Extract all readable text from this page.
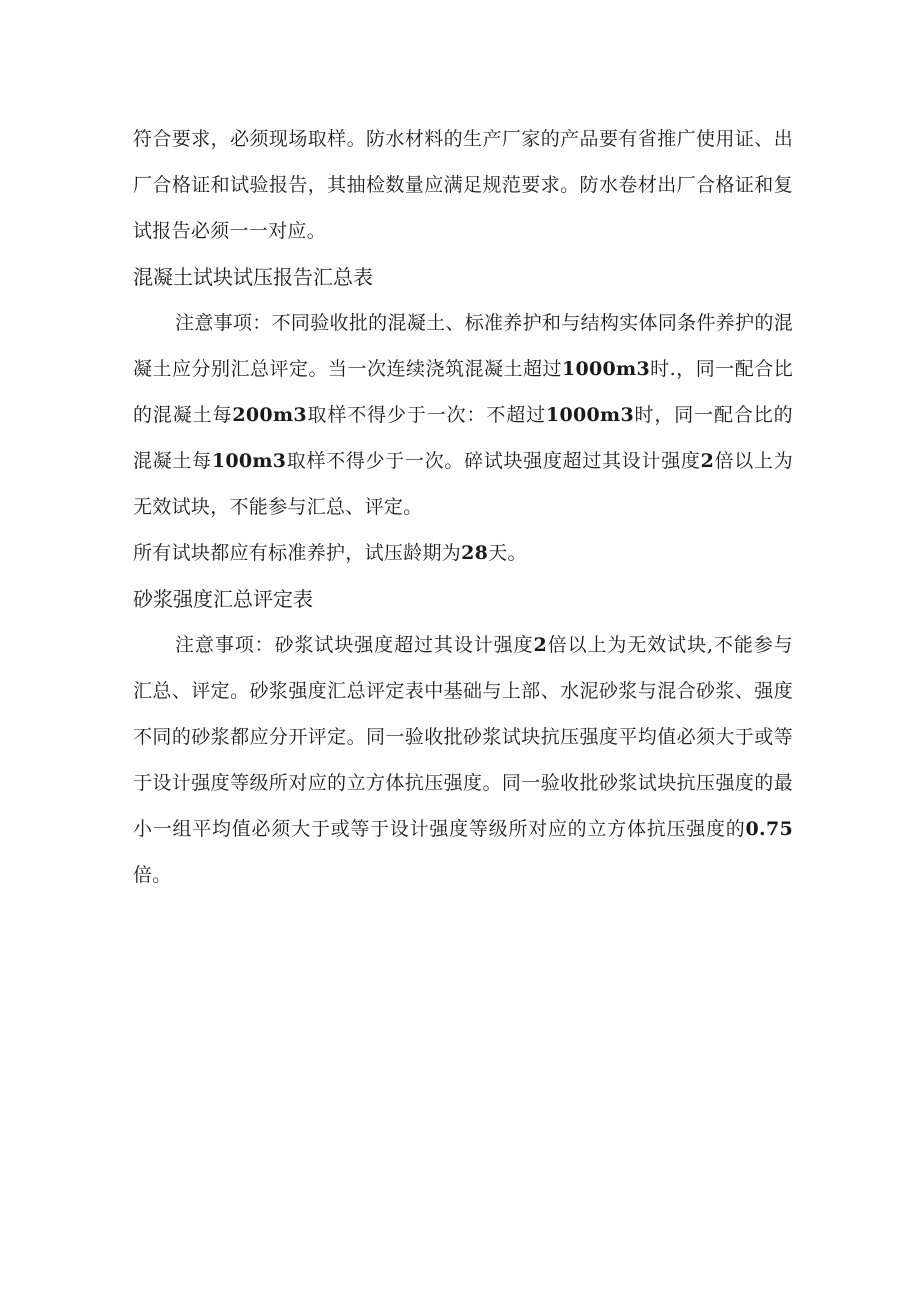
符合要求，必须现场取样。防水材料的生产厂家的产品要有省推广使用证、出厂合格证和试验报告，其抽检数量应满足规范要求。防水卷材出厂合格证和复试报告必须一一对应。

混凝土试块试压报告汇总表

注意事项：不同验收批的混凝土、标准养护和与结构实体同条件养护的混凝土应分别汇总评定。当一次连续浇筑混凝土超过1000m3时.，同一配合比的混凝土每200m3取样不得少于一次：不超过1000m3时，同一配合比的混凝土每100m3取样不得少于一次。碎试块强度超过其设计强度2倍以上为无效试块，不能参与汇总、评定。

所有试块都应有标准养护，试压龄期为28天。

砂浆强度汇总评定表

注意事项：砂浆试块强度超过其设计强度2倍以上为无效试块,不能参与汇总、评定。砂浆强度汇总评定表中基础与上部、水泥砂浆与混合砂浆、强度不同的砂浆都应分开评定。同一验收批砂浆试块抗压强度平均值必须大于或等于设计强度等级所对应的立方体抗压强度。同一验收批砂浆试块抗压强度的最小一组平均值必须大于或等于设计强度等级所对应的立方体抗压强度的0.75倍。
